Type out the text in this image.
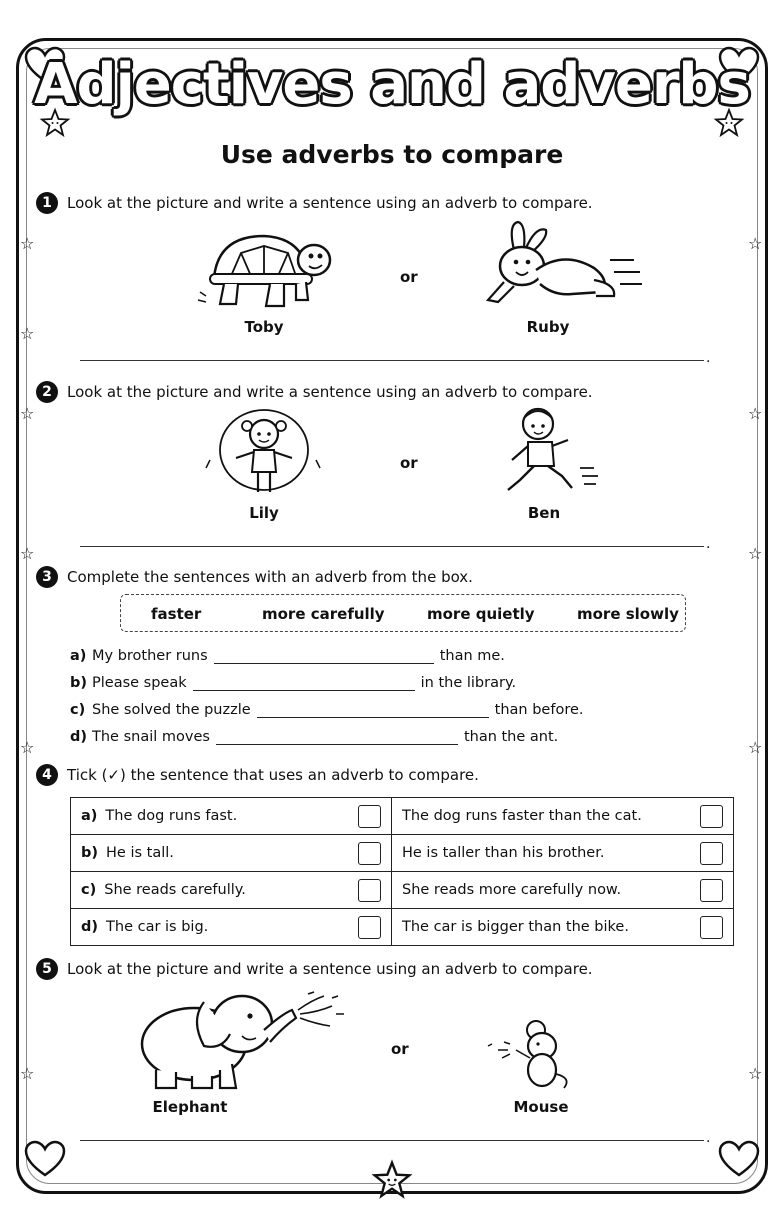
☆
☆
☆
☆
☆
☆
☆
☆
☆
☆
☆
Adjectives and adverbs
Use adverbs to compare
1	Look at the picture and write a sentence using an adverb to compare.
Toby
or
Ruby
.
2	Look at the picture and write a sentence using an adverb to compare.
Lily
or
Ben
.
3	Complete the sentences with an adverb from the box.
faster	more carefully	more quietly	more slowly
a) My brother runs	than me.
b) Please speak	in the library.
c) She solved the puzzle	than before.
d) The snail moves	than the ant.
4	Tick (✓) the sentence that uses an adverb to compare.
a) The dog runs fast.	The dog runs faster than the cat.

b) He is tall.	He is taller than his brother.

c) She reads carefully.	She reads more carefully now.

d) The car is big.	The car is bigger than the bike.
5	Look at the picture and write a sentence using an adverb to compare.
Elephant
or
Mouse
.
